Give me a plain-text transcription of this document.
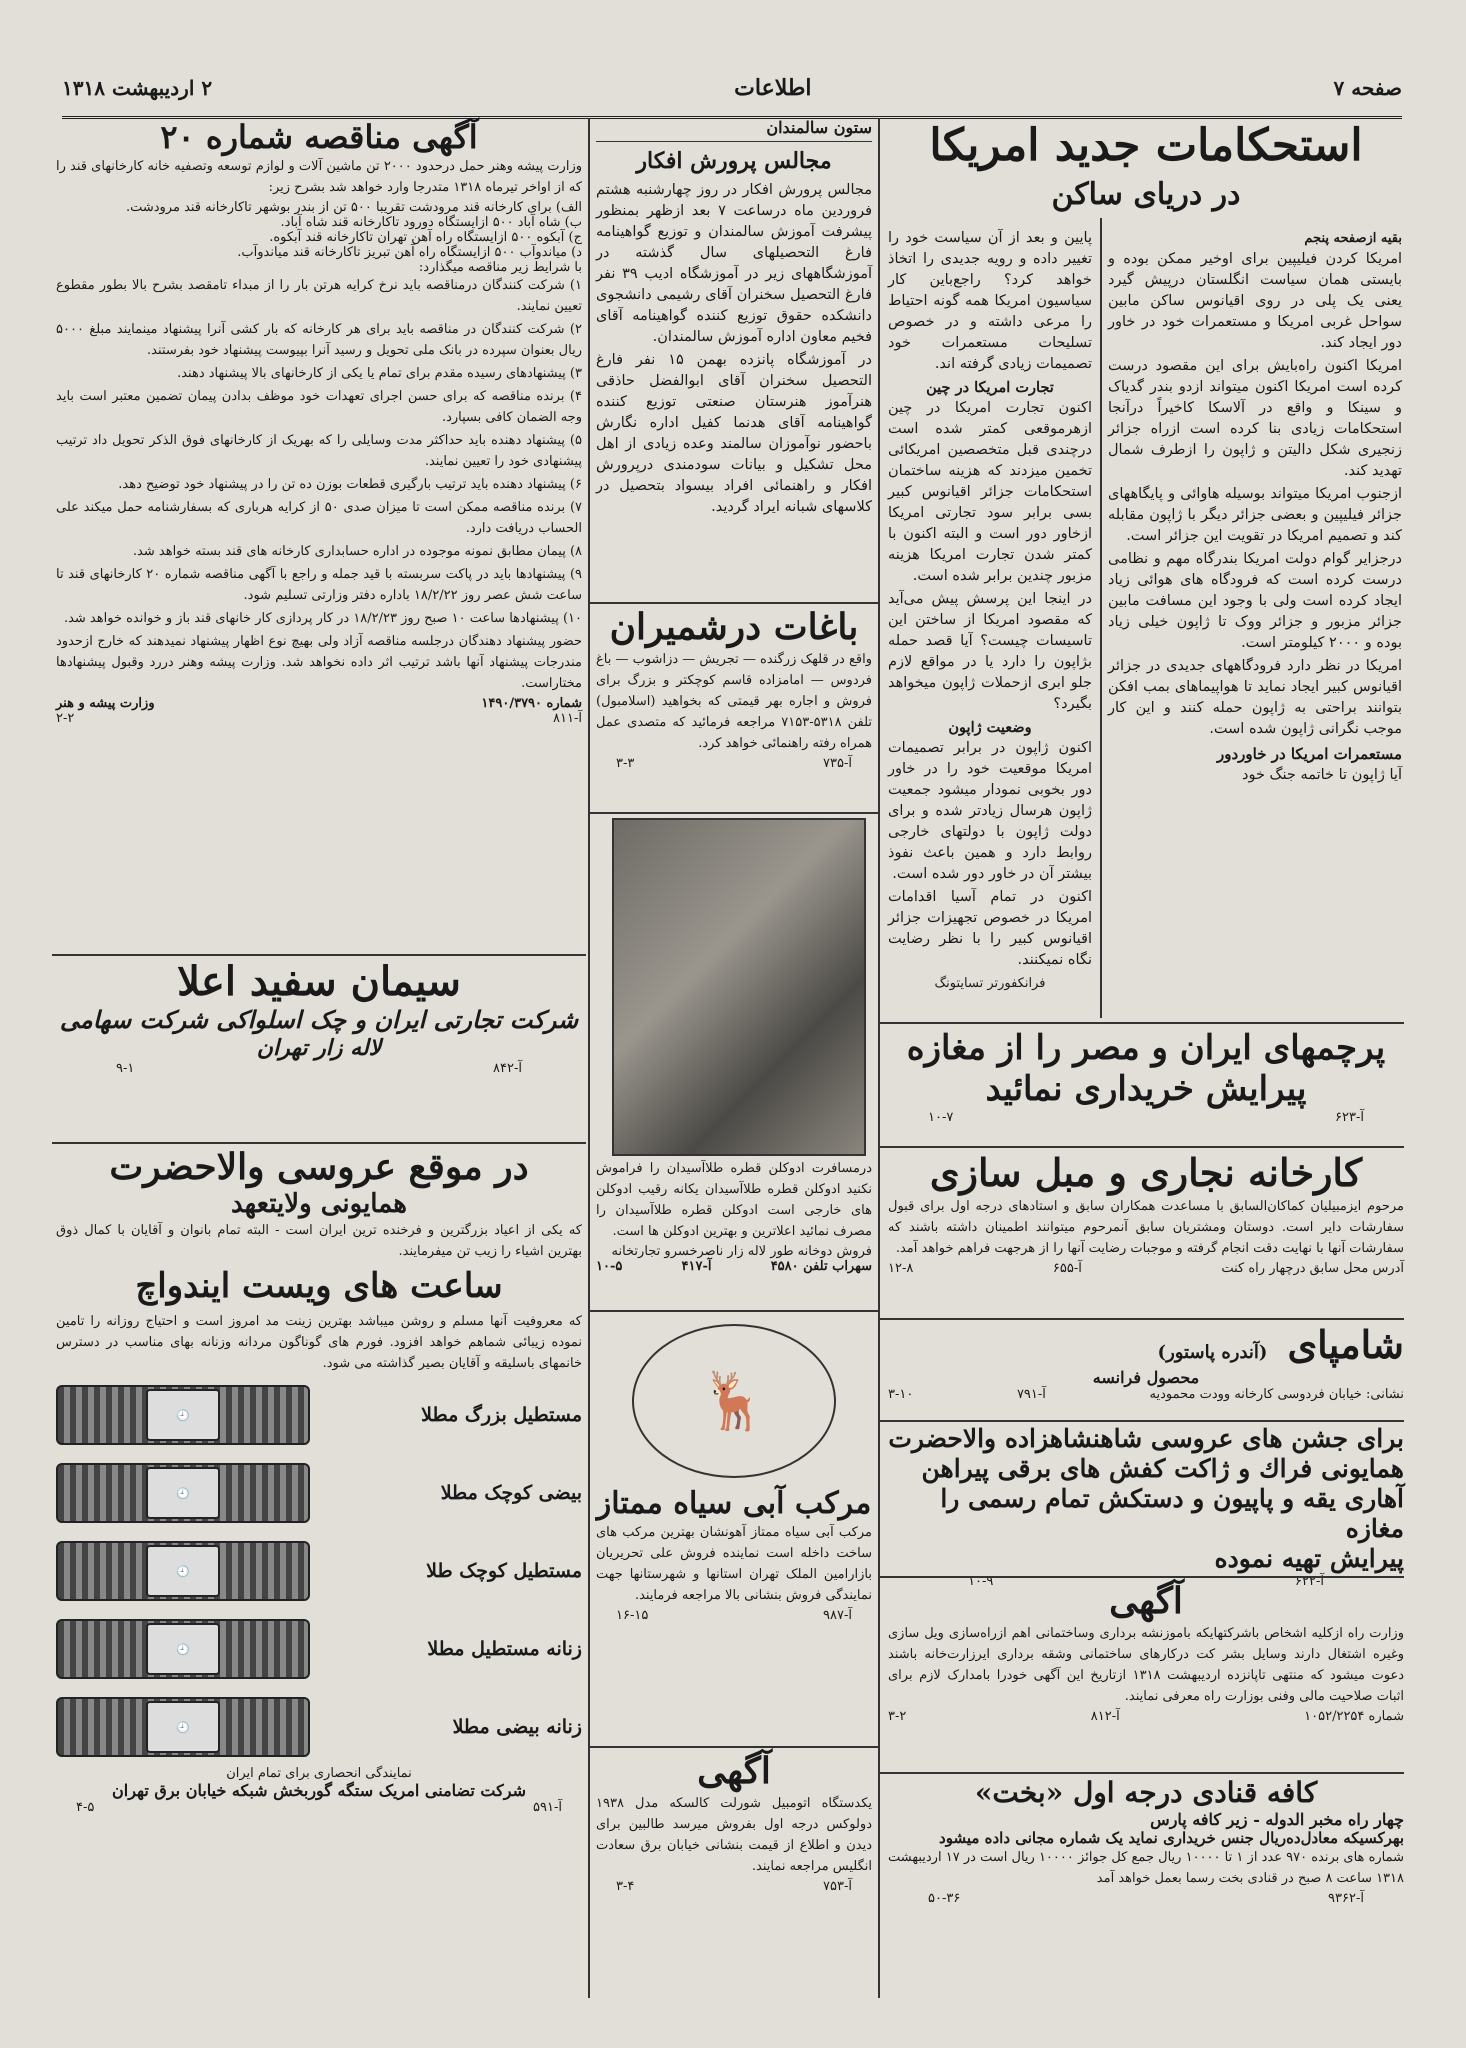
صفحه ۷
اطلاعات
۲ اردیبهشت ۱۳۱۸
استحکامات جدید امریکا
در دریای ساکن
بقیه ازصفحه پنجم

امریکا کردن فیلیپین برای اوخیر ممکن بوده و بایستی همان سیاست انگلستان درپیش گیرد یعنی یک پلی در روی اقیانوس ساکن مابین سواحل غربی امریکا و مستعمرات خود در خاور دور ایجاد کند.

امریکا اکنون راه‌بایش برای این مقصود درست کرده است امریکا اکنون میتواند ازدو بندر گدیاک و سینکا و واقع در آلاسکا کاخیراً درآنجا استحکامات زیادی بنا کرده است ازراه جزائر زنجیری شکل دالیتن و ژاپون را ازطرف شمال تهدید کند.

ازجنوب امریکا میتواند بوسیله هاوائی و پایگاههای جزائر فیلیپین و بعضی جزائر دیگر با ژاپون مقابله کند و تصمیم امریکا در تقویت این جزائر است.

درجزایر گوام دولت امریکا بندرگاه مهم و نظامی درست کرده است که فرودگاه های هوائی زیاد ایجاد کرده است ولی با وجود این مسافت مابین جزائر مزبور و جزائر ووک تا ژاپون خیلی زیاد بوده و ۲۰۰۰ کیلومتر است.

امریکا در نظر دارد فرودگاههای جدیدی در جزائر اقیانوس کبیر ایجاد نماید تا هواپیماهای بمب افکن بتوانند براحتی به ژاپون حمله کنند و این کار موجب نگرانی ژاپون شده است.

مستعمرات امریکا در خاوردور

آیا ژاپون تا خاتمه جنگ خود

پایین و بعد از آن سیاست خود را تغییر داده و رویه جدیدی را اتخاذ خواهد کرد؟ راجع‌باین کار سیاسیون امریکا همه گونه احتیاط را مرعی داشته و در خصوص تسلیحات مستعمرات خود تصمیمات زیادی گرفته اند.

تجارت امریکا در چین

اکنون تجارت امریکا در چین ازهرموقعی کمتر شده است درچندی قبل متخصصین امریکائی تخمین میزدند که هزینه ساختمان استحکامات جزائر اقیانوس کبیر بسی برابر سود تجارتی امریکا ازخاور دور است و البته اکنون با کمتر شدن تجارت امریکا هزینه مزبور چندین برابر شده است.

در اینجا این پرسش پیش می‌آید که مقصود امریکا از ساختن این تاسیسات چیست؟ آیا قصد حمله بژاپون را دارد یا در مواقع لازم جلو ابری ازحملات ژاپون میخواهد بگیرد؟

وضعیت ژاپون

اکنون ژاپون در برابر تصمیمات امریکا موقعیت خود را در خاور دور بخوبی نمودار میشود جمعیت ژاپون هرسال زیادتر شده و برای دولت ژاپون با دولتهای خارجی روابط دارد و همین باعث نفوذ بیشتر آن در خاور دور شده است.

اکنون در تمام آسیا اقدامات امریکا در خصوص تجهیزات جزائر اقیانوس کبیر را با نظر رضایت نگاه نمیکنند.

فرانکفورتر تسایتونگ
پرچمهای ایران و مصر را از مغازه
پیرایش خریداری نمائید
آ-۶۲۳
۱۰-۷
کارخانه نجاری و مبل سازی

مرحوم ایزمبیلیان کماکان‌السابق با مساعدت همکاران سابق و استادهای درجه اول برای قبول سفارشات دایر است. دوستان ومشتریان سابق آنمرحوم میتوانند اطمینان داشته باشند که سفارشات آنها با نهایت دقت انجام گرفته و موجبات رضایت آنها را از هرجهت فراهم خواهد آمد.

آدرس محل سابق درچهار راه کنت
آ-۶۵۵
۱۲-۸
شامپای
(آندره پاستور)
محصول فرانسه
نشانی: خیابان فردوسی کارخانه وودت محمودیه
آ-۷۹۱
۳-۱۰
برای جشن های عروسی شاهنشاهزاده والاحضرت
همایونی فراك و ژاکت کفش های برقی پیراهن
آهاری یقه و پاپیون و دستکش تمام رسمی را مغازه
پیرایش تهیه نموده
آ-۶۲۲
۱۰-۹	آگهی

وزارت راه ازکلیه اشخاص باشرکتهایکه باموزنشه برداری وساختمانی اهم ازراه‌سازی ویل سازی وغیره اشتغال دارند وسایل بشر کت درکارهای ساختمانی وشقه برداری ایرزارت‌خانه باشند دعوت میشود که منتهی تاپانزده اردیبهشت ۱۳۱۸ ازتاریخ این آگهی خودرا بامدارک لازم برای اثبات صلاحیت مالی وفنی بوزارت راه معرفی نمایند.

شماره ۱۰۵۲/۲۲۵۴
آ-۸۱۲
۳-۲
کافه قنادی درجه اول «بخت»
چهار راه مخبر الدوله - زیر کافه پارس
بهرکسیکه معادل‌ده‌ریال جنس خریداری نماید یک شماره مجانی داده میشود

شماره های برنده ۹۷۰ عدد از ۱ تا ۱۰۰۰۰ ریال جمع کل جوائز ۱۰۰۰۰ ریال است در ۱۷ اردیبهشت ۱۳۱۸ ساعت ۸ صبح در قنادی بخت رسما بعمل خواهد آمد

آ-۹۳۶۲
۵۰-۳۶
ستون سالمندان
مجالس پرورش افکار

مجالس پرورش افکار در روز چهارشنبه هشتم فروردین ماه درساعت ۷ بعد ازظهر بمنظور پیشرفت آموزش سالمندان و توزیع گواهینامه فارغ التحصیلهای سال گذشته در آموزشگاههای زیر در آموزشگاه ادیب ۳۹ نفر فارغ التحصیل سخنران آقای رشیمی دانشجوی دانشکده حقوق توزیع کننده گواهینامه آقای فخیم معاون اداره آموزش سالمندان.

در آموزشگاه پانزده بهمن ۱۵ نفر فارغ التحصیل سخنران آقای ابوالفضل حاذقی هنرآموز هنرستان صنعتی توزیع کننده گواهینامه آقای هدنما کفیل اداره نگارش باحضور نوآموزان سالمند وعده زیادی از اهل محل تشکیل و بیانات سودمندی درپرورش افکار و راهنمائی افراد بیسواد بتحصیل در کلاسهای شبانه ایراد گردید.

باغات درشمیران

واقع در قلهک زرگنده — تجریش — دزاشوب — باغ فردوس — امامزاده قاسم کوچکتر و بزرگ برای فروش و اجاره بهر قیمتی که بخواهید (اسلامبول) تلفن ۵۳۱۸-۷۱۵۳ مراجعه فرمائید که متصدی عمل همراه رفته راهنمائی خواهد کرد.

آ-۷۳۵
۳-۳

درمسافرت ادوکلن قطره طلاآسیدان را فراموش نکنید ادوکلن قطره طلاآسیدان یکانه رقیب ادوکلن های خارجی است ادوکلن قطره طلاآسیدان را مصرف نمائید اعلاترین و بهترین ادوکلن ها است.

فروش دوخانه طور لاله زار ناصرخسرو تجارتخانه
سهراب تلفن ۴۵۸۰
آ-۴۱۷
۱۰-۵
🦌
مرکب آبی سیاه ممتاز

مرکب آبی سیاه ممتاز آهونشان بهترین مرکب های ساخت داخله است نماینده فروش علی تحریریان بازارامین الملک تهران استانها و شهرستانها جهت نمایندگی فروش بنشانی بالا مراجعه فرمایند.

آ-۹۸۷
۱۶-۱۵
آگهی

یکدستگاه اتومبیل شورلت کالسکه مدل ۱۹۳۸ دولوکس درجه اول بفروش میرسد طالبین برای دیدن و اطلاع از قیمت بنشانی خیابان برق سعادت انگلیس مراجعه نمایند.

آ-۷۵۳
۳-۴
آگهی مناقصه شماره ۲۰

وزارت پیشه وهنر حمل درحدود ۲۰۰۰ تن ماشین آلات و لوازم توسعه وتصفیه خانه کارخانهای قند را که از اواخر تیرماه ۱۳۱۸ متدرجا وارد خواهد شد بشرح زیر:

الف) برای کارخانه قند مرودشت تقریبا ۵۰۰ تن از بندر بوشهر تاکارخانه قند مرودشت.
ب) شاه آباد ۵۰۰ ازایستگاه دورود تاکارخانه قند شاه آباد.
ج) آبکوه ۵۰۰ ازایستگاه راه آهن تهران تاکارخانه قند آبکوه.
د) میاندوآب ۵۰۰ ازایستگاه راه آهن تبریز تاکارخانه قند میاندوآب.
با شرایط زیر مناقصه میگذارد:

۱) شرکت کنندگان درمناقصه باید نرخ کرایه هرتن بار را از مبداء تامقصد بشرح بالا بطور مقطوع تعیین نمایند.

۲) شرکت کنندگان در مناقصه باید برای هر کارخانه که بار کشی آنرا پیشنهاد مینمایند مبلغ ۵۰۰۰ ریال بعنوان سپرده در بانک ملی تحویل و رسید آنرا بپیوست پیشنهاد خود بفرستند.

۳) پیشنهادهای رسیده مقدم برای تمام یا یکی از کارخانهای بالا پیشنهاد دهند.

۴) برنده مناقصه که برای حسن اجرای تعهدات خود موظف بدادن پیمان تضمین معتبر است باید وجه الضمان کافی بسپارد.

۵) پیشنهاد دهنده باید حداکثر مدت وسایلی را که بهریک از کارخانهای فوق الذکر تحویل داد ترتیب پیشنهادی خود را تعیین نمایند.

۶) پیشنهاد دهنده باید ترتیب بارگیری قطعات بوزن ده تن را در پیشنهاد خود توضیح دهد.

۷) برنده مناقصه ممکن است تا میزان صدی ۵۰ از کرایه هرباری که بسفارشنامه حمل میکند علی الحساب دریافت دارد.

۸) پیمان مطابق نمونه موجوده در اداره حسابداری کارخانه های قند بسته خواهد شد.

۹) پیشنهادها باید در پاکت سربسته با قید جمله و راجع با آگهی مناقصه شماره ۲۰ کارخانهای قند تا ساعت شش عصر روز ۱۸/۲/۲۲ باداره دفتر وزارتی تسلیم شود.

۱۰) پیشنهادها ساعت ۱۰ صبح روز ۱۸/۲/۲۳ در کار پردازی کار خانهای قند باز و خوانده خواهد شد.

حضور پیشنهاد دهندگان درجلسه مناقصه آزاد ولی بهیچ نوع اظهار پیشنهاد نمیدهند که خارج ازحدود مندرجات پیشنهاد آنها باشد ترتیب اثر داده نخواهد شد. وزارت پیشه وهنر دررد وقبول پیشنهادها مختاراست.

شماره ۱۴۹۰/۳۷۹۰
وزارت پیشه و هنر
آ-۸۱۱
۲-۲
سیمان سفید اعلا
شرکت تجارتی ایران و چک اسلواکی شرکت سهامی
لاله زار تهران
آ-۸۴۲
۹-۱
در موقع عروسی والاحضرت
همایونی ولایتعهد

که یکی از اعیاد بزرگترین و فرخنده ترین ایران است - البته تمام بانوان و آقایان با کمال ذوق بهترین اشیاء را زیب تن میفرمایند.

ساعت های ویست ایندواچ

که معروفیت آنها مسلم و روشن میباشد بهترین زینت مد امروز است و احتیاج روزانه را تامین نموده زیبائی شماهم خواهد افزود. فورم های گوناگون مردانه وزنانه بهای مناسب در دسترس خانمهای باسلیقه و آقایان بصیر گذاشته می شود.

مستطیل بزرگ مطلا
🕘
بیضی کوچک مطلا
🕘
مستطیل کوچک طلا
🕘
زنانه مستطیل مطلا
🕘
زنانه بیضی مطلا
🕘
نمایندگی انحصاری برای تمام ایران
شرکت تضامنی امریک ستگه گوربخش شبکه خیابان برق تهران
آ-۵۹۱
۴-۵
